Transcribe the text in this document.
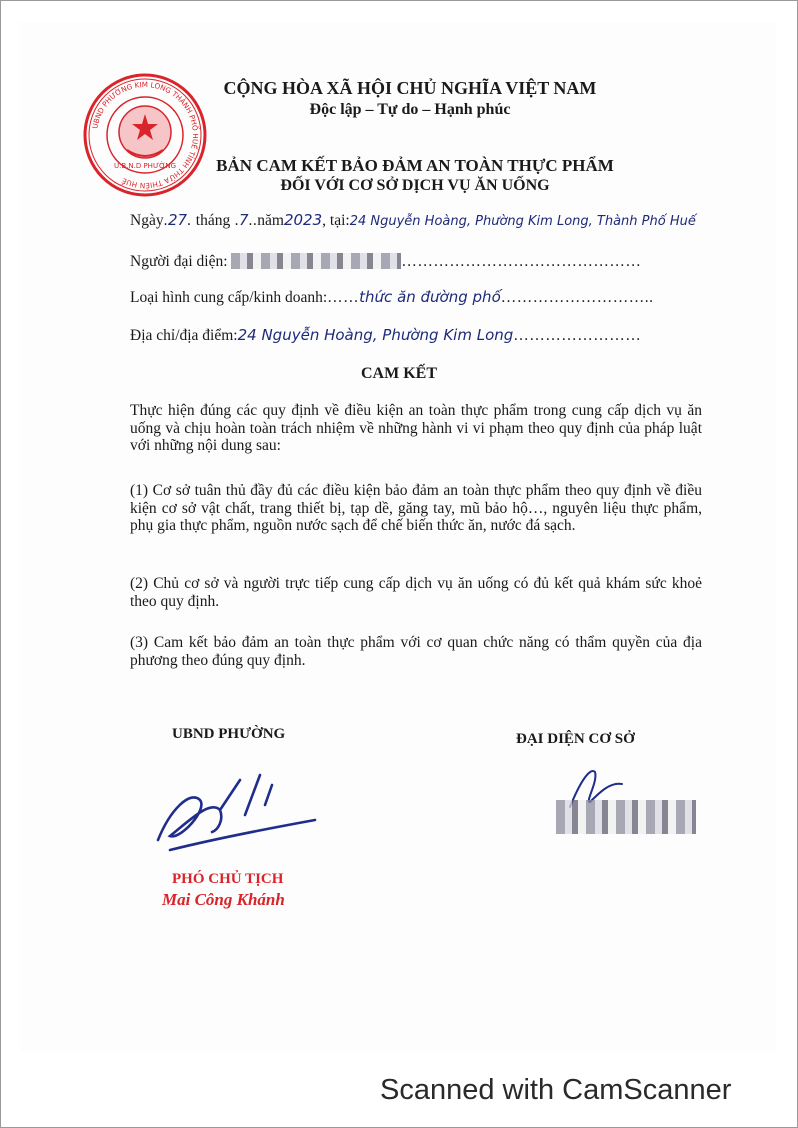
UBND PHƯỜNG KIM LONG THÀNH PHỐ HUẾ TỈNH THỪA THIÊN HUẾ
U.B.N.D PHƯỜNG
CỘNG HÒA XÃ HỘI CHỦ NGHĨA VIỆT NAM
Độc lập – Tự do – Hạnh phúc
BẢN CAM KẾT BẢO ĐẢM AN TOÀN THỰC PHẨM
ĐỐI VỚI CƠ SỞ DỊCH VỤ ĂN UỐNG
Ngày.27. tháng .7..năm2023, tại:24 Nguyễn Hoàng, Phường Kim Long, Thành Phố Huế
Người đại diện:	………………………………………
Loại hình cung cấp/kinh doanh:……thức ăn đường phố………………………..
Địa chỉ/địa điểm:24 Nguyễn Hoàng, Phường Kim Long……………………
CAM KẾT
Thực hiện đúng các quy định về điều kiện an toàn thực phẩm trong cung cấp dịch vụ ăn uống và chịu hoàn toàn trách nhiệm về những hành vi vi phạm theo quy định của pháp luật với những nội dung sau:
(1) Cơ sở tuân thủ đầy đủ các điều kiện bảo đảm an toàn thực phẩm theo quy định về điều kiện cơ sở vật chất, trang thiết bị, tạp dề, găng tay, mũ bảo hộ…, nguyên liệu thực phẩm, phụ gia thực phẩm, nguồn nước sạch để chế biến thức ăn, nước đá sạch.
(2) Chủ cơ sở và người trực tiếp cung cấp dịch vụ ăn uống có đủ kết quả khám sức khoẻ theo quy định.
(3) Cam kết bảo đảm an toàn thực phẩm với cơ quan chức năng có thẩm quyền của địa phương theo đúng quy định.
UBND PHƯỜNG	ĐẠI DIỆN CƠ SỞ
PHÓ CHỦ TỊCH
Mai Công Khánh
Scanned with CamScanner
